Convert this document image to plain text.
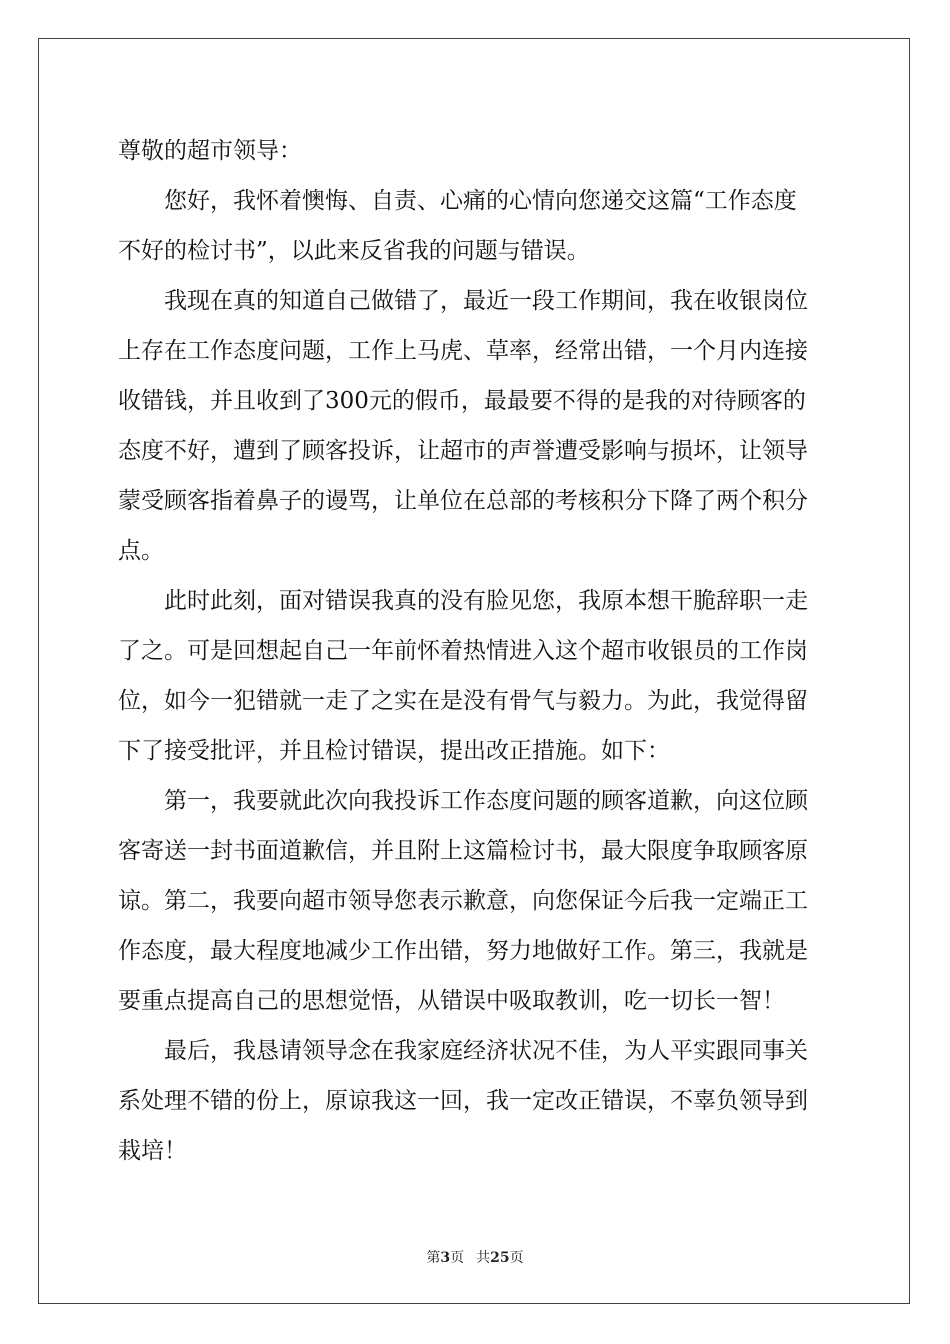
尊敬的超市领导：
您好，我怀着懊悔、自责、心痛的心情向您递交这篇“工作态度
不好的检讨书”，以此来反省我的问题与错误。
我现在真的知道自己做错了，最近一段工作期间，我在收银岗位
上存在工作态度问题，工作上马虎、草率，经常出错，一个月内连接
收错钱，并且收到了300元的假币，最最要不得的是我的对待顾客的
态度不好，遭到了顾客投诉，让超市的声誉遭受影响与损坏，让领导
蒙受顾客指着鼻子的谩骂，让单位在总部的考核积分下降了两个积分
点。
此时此刻，面对错误我真的没有脸见您，我原本想干脆辞职一走
了之。可是回想起自己一年前怀着热情进入这个超市收银员的工作岗
位，如今一犯错就一走了之实在是没有骨气与毅力。为此，我觉得留
下了接受批评，并且检讨错误，提出改正措施。如下：
第一，我要就此次向我投诉工作态度问题的顾客道歉，向这位顾
客寄送一封书面道歉信，并且附上这篇检讨书，最大限度争取顾客原
谅。第二，我要向超市领导您表示歉意，向您保证今后我一定端正工
作态度，最大程度地减少工作出错，努力地做好工作。第三，我就是
要重点提高自己的思想觉悟，从错误中吸取教训，吃一切长一智！
最后，我恳请领导念在我家庭经济状况不佳，为人平实跟同事关
系处理不错的份上，原谅我这一回，我一定改正错误，不辜负领导到
栽培！
第3页 共25页
